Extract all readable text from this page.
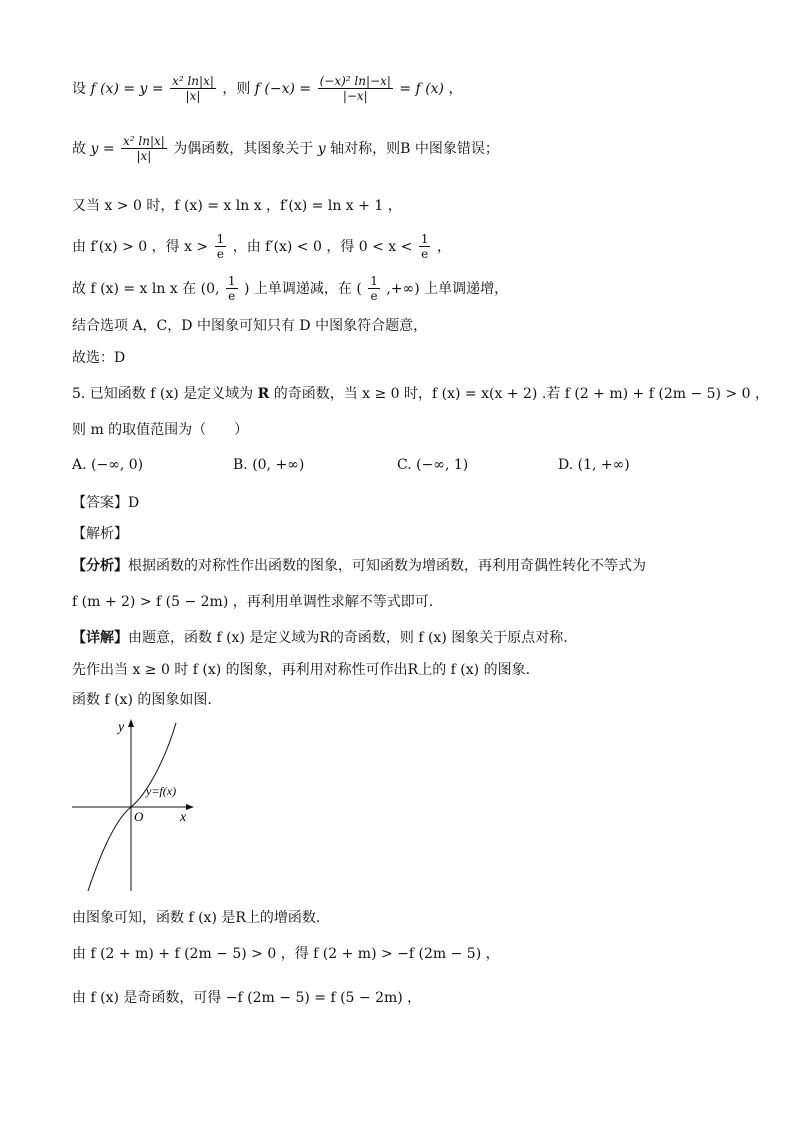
设 f $(x) = y = \frac{\text{x² ln|x|}}{|x|}$ ，则 f $(-x) = \frac{\text{(−x)² ln|−x|}}{|-x|} = f$ (x) ，
故 $y = \frac{\text{x² ln|x|}}{|x|}$ 为偶函数，其图象关于 y 轴对称，则B 中图象错误；
又当 x > 0 时，f (x) = x ln x ，f′(x) = ln x + 1 ，
由 f′(x) > 0 ，得 $x > \frac{1}{e}$ ，由 f′(x) < 0 ，得 $0 < x < \frac{1}{e}$ ，
故 f (x) = x ln x 在 (0, $\frac{1}{e}$ ) 上单调递减，在 ( $\frac{1}{e}$ ,+∞) 上单调递增，
结合选项 A，C，D 中图象可知只有 D 中图象符合题意，
故选：D
5. 已知函数 f (x) 是定义域为 R 的奇函数，当 x ≥ 0 时，f (x) = x(x + 2) .若 f (2 + m) + f (2m − 5) > 0 ，
则 m 的取值范围为（　　）
A. (−∞, 0)	B. (0, +∞)	C. (−∞, 1)	D. (1, +∞)
【答案】D
【解析】
【分析】根据函数的对称性作出函数的图象，可知函数为增函数，再利用奇偶性转化不等式为
f (m + 2) > f (5 − 2m) ，再利用单调性求解不等式即可.
【详解】由题意，函数 f (x) 是定义域为R的奇函数，则 f (x) 图象关于原点对称.
先作出当 x ≥ 0 时 f (x) 的图象，再利用对称性可作出R上的 f (x) 的图象.
函数 f (x) 的图象如图.
y
x
O
y=f(x)
由图象可知，函数 f (x) 是R上的增函数.
由 f (2 + m) + f (2m − 5) > 0 ，得 f (2 + m) > −f (2m − 5) ，
由 f (x) 是奇函数，可得 −f (2m − 5) = f (5 − 2m) ，
